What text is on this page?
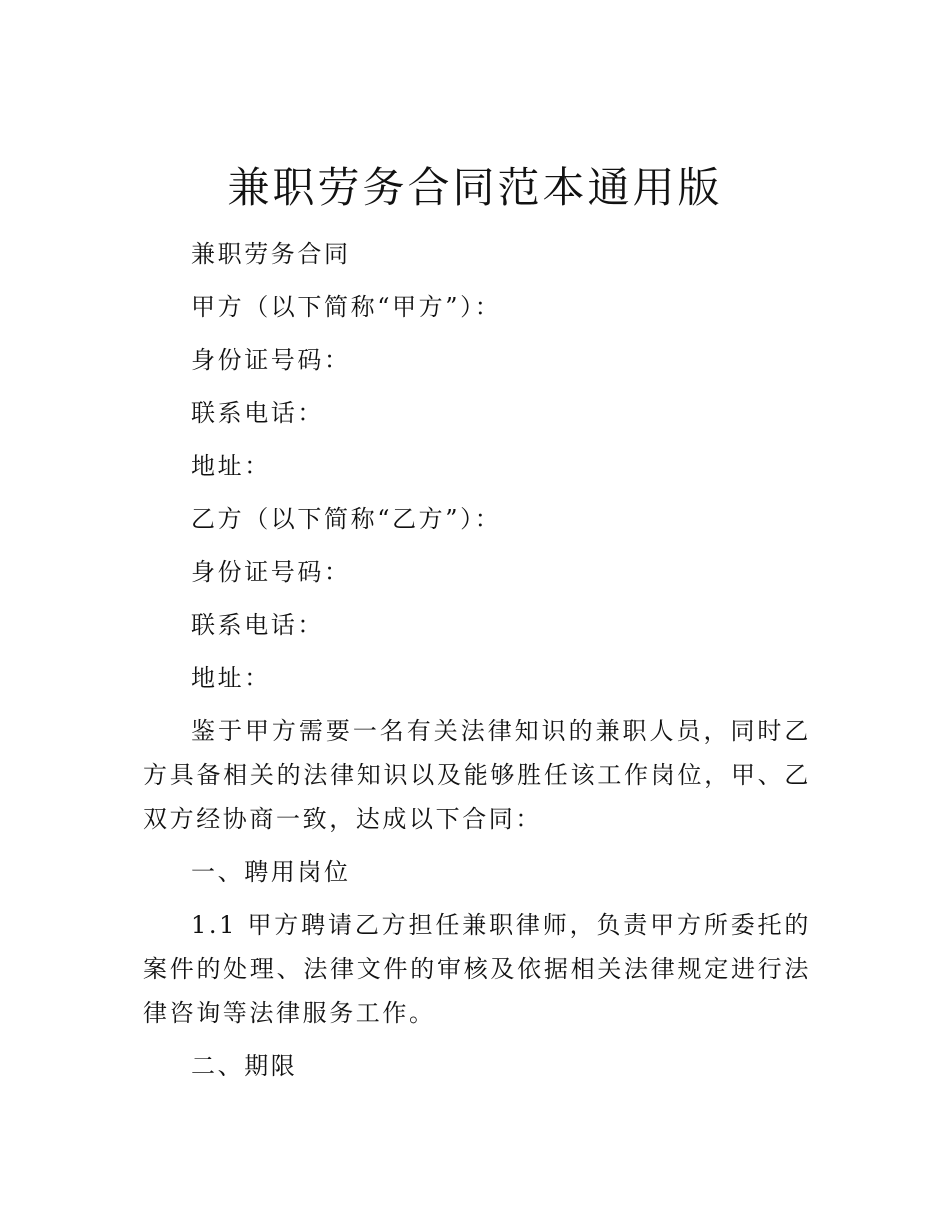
兼职劳务合同范本通用版

兼职劳务合同

甲方（以下简称“甲方”）：

身份证号码：

联系电话：

地址：

乙方（以下简称“乙方”）：

身份证号码：

联系电话：

地址：

鉴于甲方需要一名有关法律知识的兼职人员，同时乙方具备相关的法律知识以及能够胜任该工作岗位，甲、乙双方经协商一致，达成以下合同：

一、聘用岗位

1.1 甲方聘请乙方担任兼职律师，负责甲方所委托的案件的处理、法律文件的审核及依据相关法律规定进行法律咨询等法律服务工作。

二、期限
